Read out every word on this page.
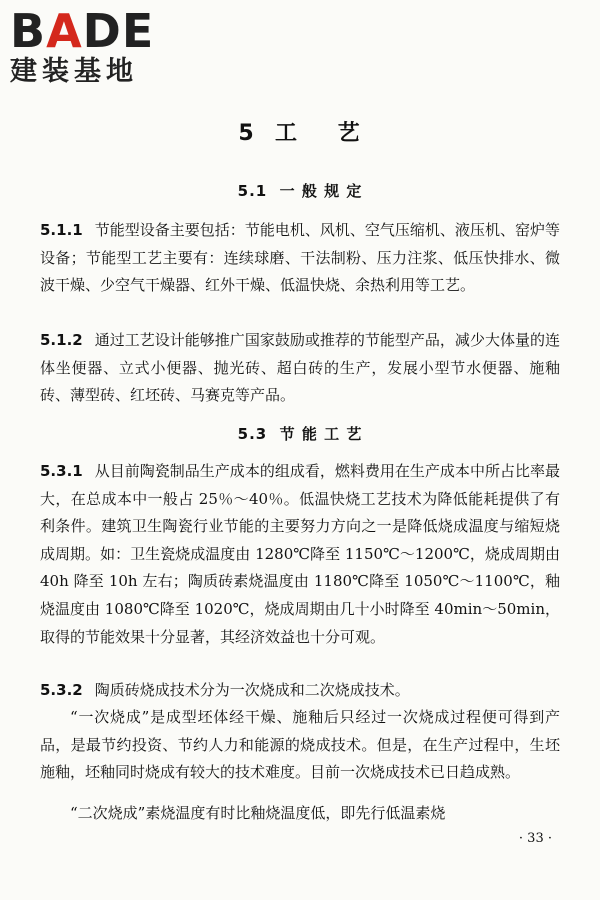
BADE
建装基地
5  工    艺
5.1  一 般 规 定

5.1.1 节能型设备主要包括：节能电机、风机、空气压缩机、液压机、窑炉等设备；节能型工艺主要有：连续球磨、干法制粉、压力注浆、低压快排水、微波干燥、少空气干燥器、红外干燥、低温快烧、余热利用等工艺。

5.1.2 通过工艺设计能够推广国家鼓励或推荐的节能型产品，减少大体量的连体坐便器、立式小便器、抛光砖、超白砖的生产，发展小型节水便器、施釉砖、薄型砖、红坯砖、马赛克等产品。

5.3  节 能 工 艺

5.3.1 从目前陶瓷制品生产成本的组成看，燃料费用在生产成本中所占比率最大，在总成本中一般占 25％～40％。低温快烧工艺技术为降低能耗提供了有利条件。建筑卫生陶瓷行业节能的主要努力方向之一是降低烧成温度与缩短烧成周期。如：卫生瓷烧成温度由 1280℃降至 1150℃～1200℃，烧成周期由 40h 降至 10h 左右；陶质砖素烧温度由 1180℃降至 1050℃～1100℃，釉烧温度由 1080℃降至 1020℃，烧成周期由几十小时降至 40min～50min，取得的节能效果十分显著，其经济效益也十分可观。

5.3.2 陶质砖烧成技术分为一次烧成和二次烧成技术。

“一次烧成”是成型坯体经干燥、施釉后只经过一次烧成过程便可得到产品，是最节约投资、节约人力和能源的烧成技术。但是，在生产过程中，生坯施釉，坯釉同时烧成有较大的技术难度。目前一次烧成技术已日趋成熟。

“二次烧成”素烧温度有时比釉烧温度低，即先行低温素烧

· 33 ·
